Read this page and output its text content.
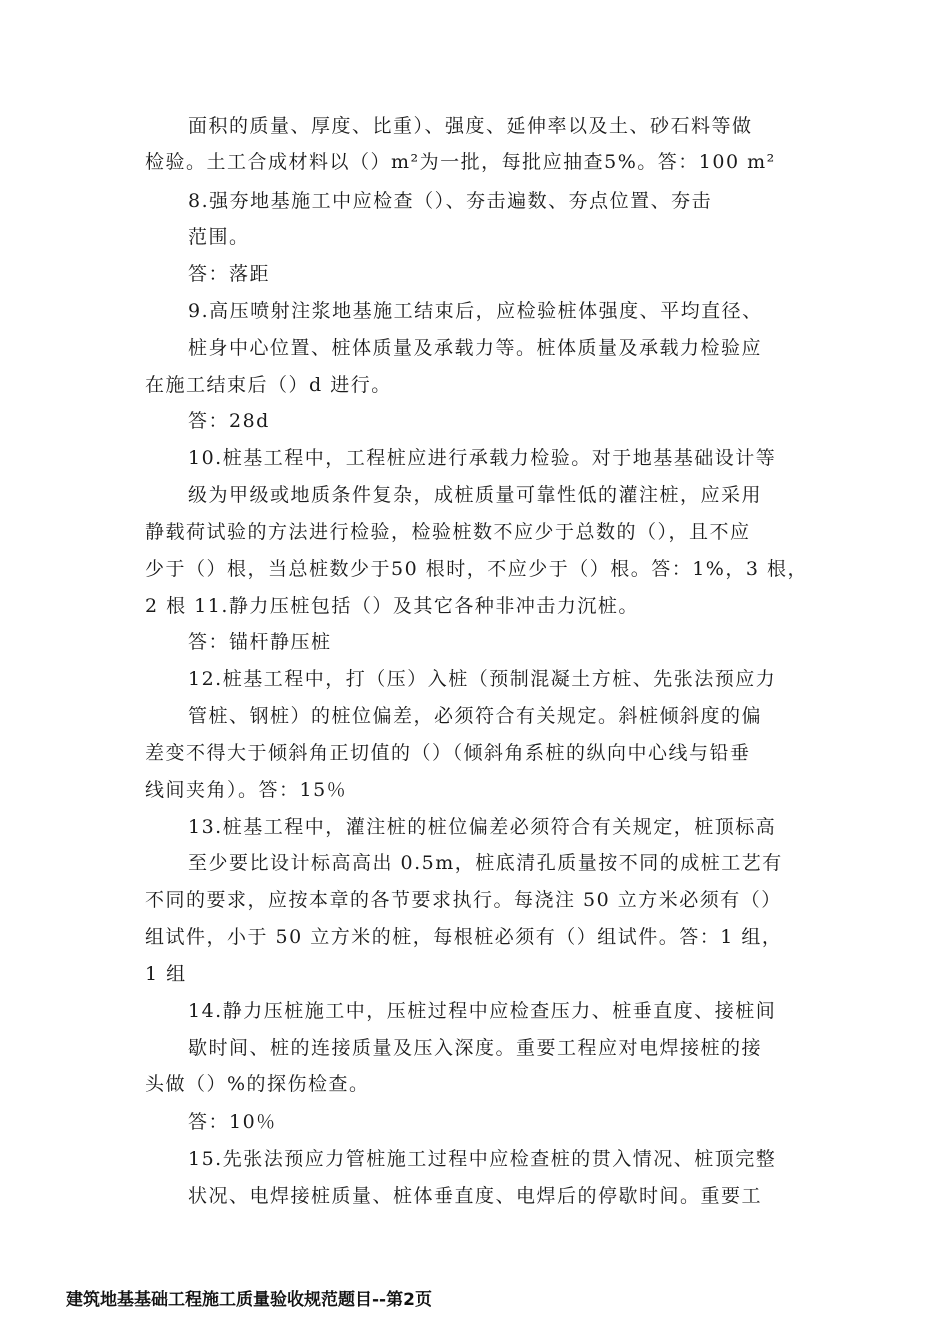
面积的质量、厚度、比重）、强度、延伸率以及土、砂石料等做
检验。土工合成材料以（）m²为一批，每批应抽查5%。答：100 m²
8.强夯地基施工中应检查（）、夯击遍数、夯点位置、夯击
范围。
答：落距
9.高压喷射注浆地基施工结束后，应检验桩体强度、平均直径、
桩身中心位置、桩体质量及承载力等。桩体质量及承载力检验应
在施工结束后（）d 进行。
答：28d
10.桩基工程中，工程桩应进行承载力检验。对于地基基础设计等
级为甲级或地质条件复杂，成桩质量可靠性低的灌注桩，应采用
静载荷试验的方法进行检验，检验桩数不应少于总数的（），且不应
少于（）根，当总桩数少于50 根时，不应少于（）根。答：1%，3 根，
2 根 11.静力压桩包括（）及其它各种非冲击力沉桩。
答：锚杆静压桩
12.桩基工程中，打（压）入桩（预制混凝土方桩、先张法预应力
管桩、钢桩）的桩位偏差，必须符合有关规定。斜桩倾斜度的偏
差变不得大于倾斜角正切值的（）（倾斜角系桩的纵向中心线与铅垂
线间夹角）。答：15％
13.桩基工程中，灌注桩的桩位偏差必须符合有关规定，桩顶标高
至少要比设计标高高出 0.5m，桩底清孔质量按不同的成桩工艺有
不同的要求，应按本章的各节要求执行。每浇注 50 立方米必须有（）
组试件，小于 50 立方米的桩，每根桩必须有（）组试件。答：1 组，
1 组
14.静力压桩施工中，压桩过程中应检查压力、桩垂直度、接桩间
歇时间、桩的连接质量及压入深度。重要工程应对电焊接桩的接
头做（）%的探伤检查。
答：10％
15.先张法预应力管桩施工过程中应检查桩的贯入情况、桩顶完整
状况、电焊接桩质量、桩体垂直度、电焊后的停歇时间。重要工
建筑地基基础工程施工质量验收规范题目--第2页
